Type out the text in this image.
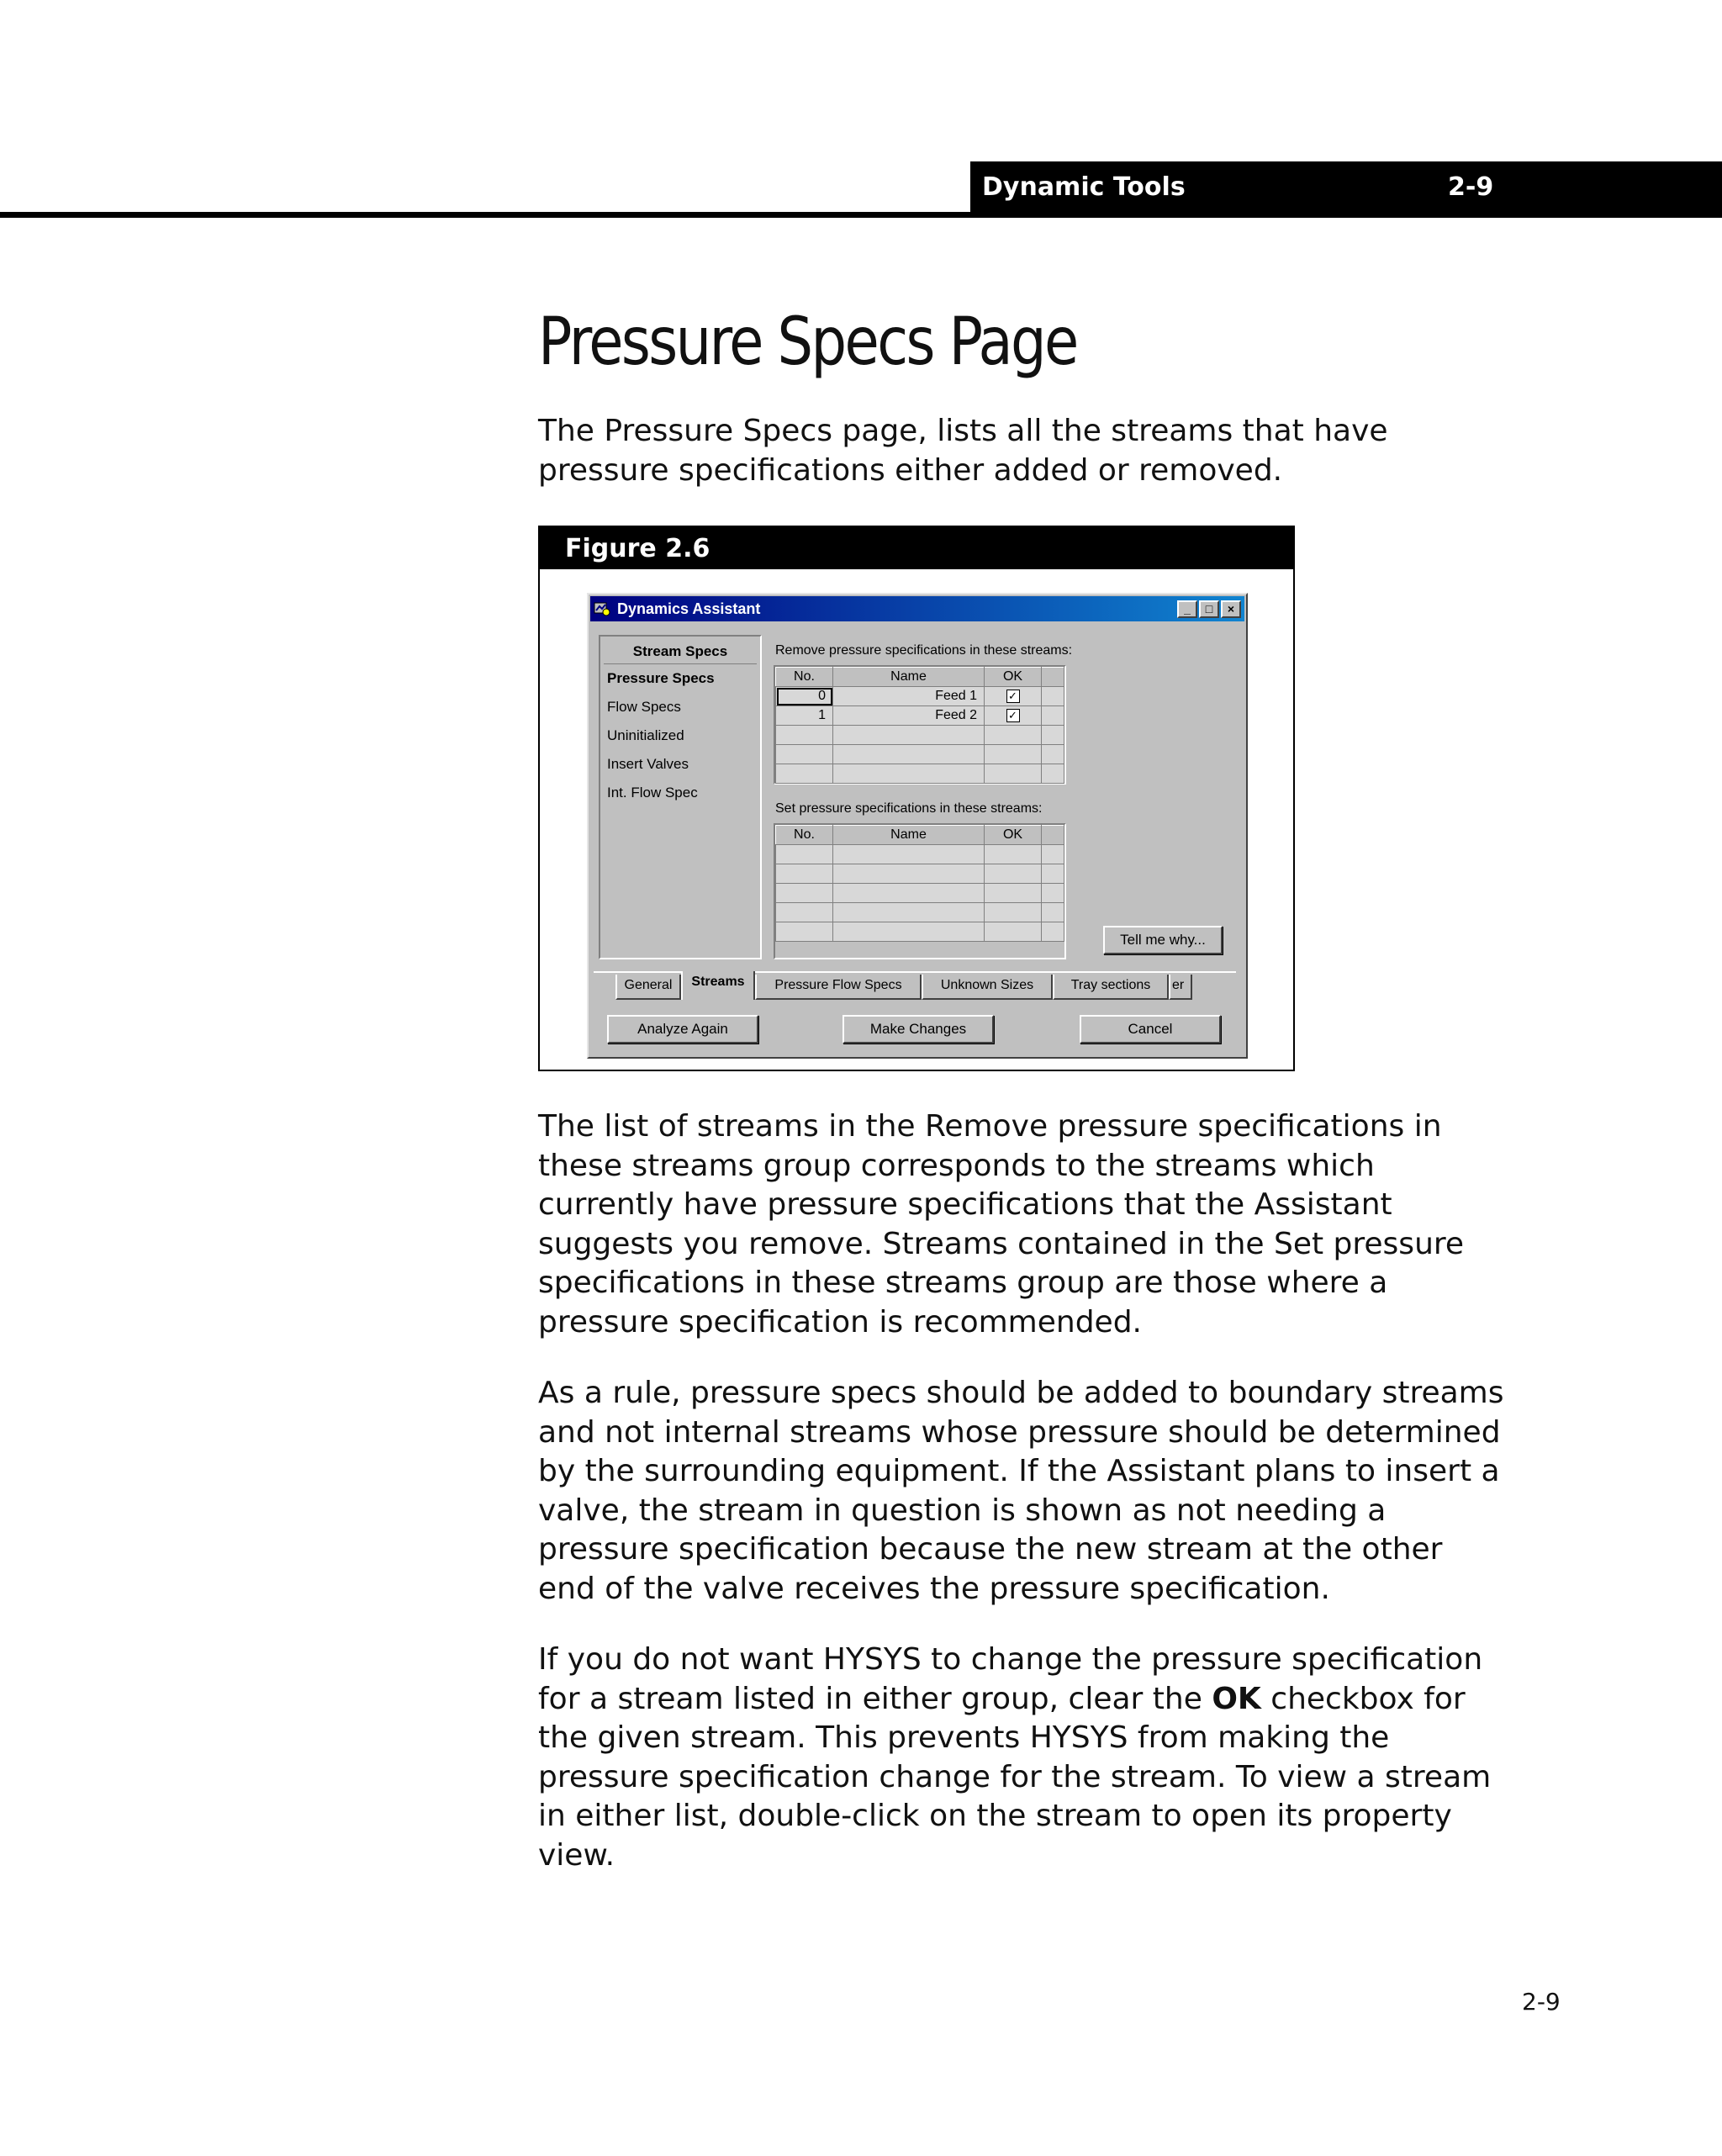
Dynamic Tools	2-9
Pressure Specs Page

The Pressure Specs page, lists all the streams that have pressure specifications either added or removed.

Figure 2.6
Dynamics Assistant	_	□	×
Stream Specs
Pressure Specs
Flow Specs
Uninitialized
Insert Valves
Int. Flow Spec
Remove pressure specifications in these streams:
No.	Name	OK	
0	Feed 1	✓	
1	Feed 2	✓	

Set pressure specifications in these streams:
No.	Name	OK	

Tell me why...
General	Streams	Pressure Flow Specs	Unknown Sizes	Tray sections	er
Analyze Again	Make Changes	Cancel

The list of streams in the Remove pressure specifications in these streams group corresponds to the streams which currently have pressure specifications that the Assistant suggests you remove. Streams contained in the Set pressure specifications in these streams group are those where a pressure specification is recommended.

As a rule, pressure specs should be added to boundary streams and not internal streams whose pressure should be determined by the surrounding equipment. If the Assistant plans to insert a valve, the stream in question is shown as not needing a pressure specification because the new stream at the other end of the valve receives the pressure specification.

If you do not want HYSYS to change the pressure specification for a stream listed in either group, clear the OK checkbox for the given stream. This prevents HYSYS from making the pressure specification change for the stream. To view a stream in either list, double-click on the stream to open its property view.

2-9
